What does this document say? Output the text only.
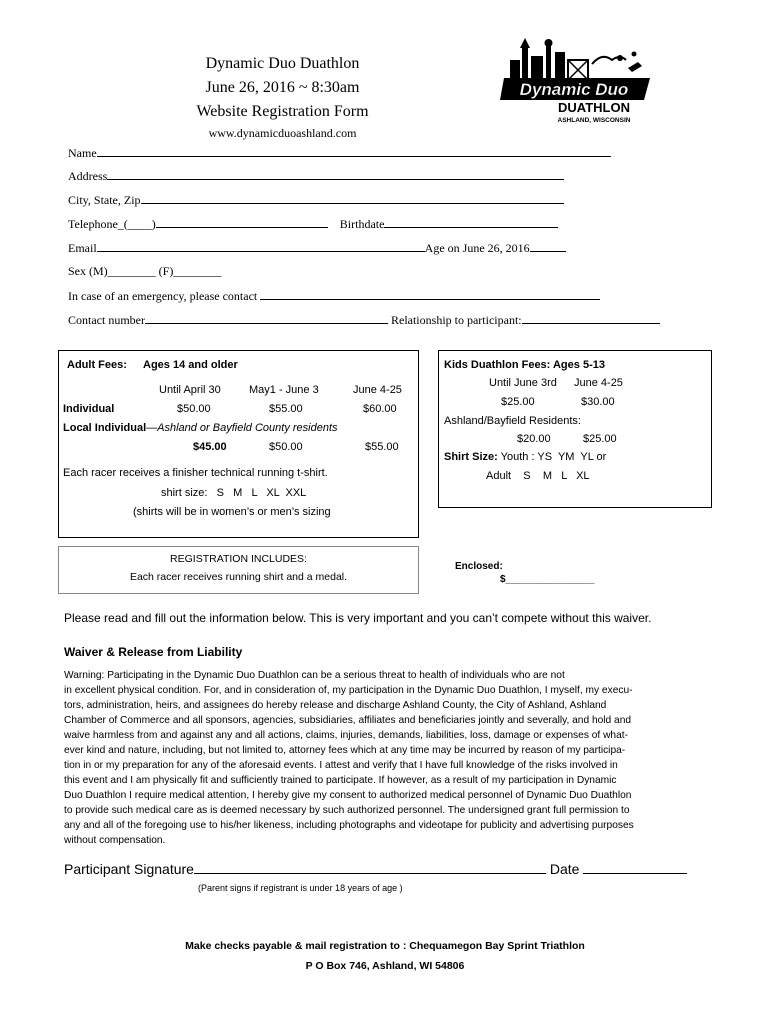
Dynamic Duo Duathlon
June 26, 2016 ~ 8:30am
Website Registration Form
www.dynamicduoashland.com
Dynamic Duo
DUATHLON
ASHLAND, WISCONSIN
Name
Address
City, State, Zip
Telephone_(____)	Birthdate
Email	Age on June 26, 2016
Sex (M)________ (F)________
In case of an emergency, please contact
Contact number	Relationship to participant:
Adult Fees: Ages 14 and older
Until April 30	May1 - June 3	June 4-25
Individual	$50.00	$55.00	$60.00
Local Individual—Ashland or Bayfield County residents
$45.00	$50.00	$55.00
Each racer receives a finisher technical running t-shirt.
shirt size:   S   M   L   XL  XXL
(shirts will be in women’s or men’s sizing
Kids Duathlon Fees: Ages 5-13
Until June 3rd June 4-25
$25.00	$30.00
Ashland/Bayfield Residents:
$20.00	$25.00
Shirt Size: Youth : YS  YM  YL or
Adult    S    M   L   XL
REGISTRATION INCLUDES:
Each racer receives running shirt and a medal.
Enclosed:
$________________
Please read and fill out the information below. This is very important and you can’t compete without this waiver.
Waiver & Release from Liability

Warning: Participating in the Dynamic Duo Duathlon can be a serious threat to health of individuals who are not

in excellent physical condition. For, and in consideration of, my participation in the Dynamic Duo Duathlon, I myself, my execu-

tors, administration, heirs, and assignees do hereby release and discharge Ashland County, the City of Ashland, Ashland

Chamber of Commerce and all sponsors, agencies, subsidiaries, affiliates and beneficiaries jointly and severally, and hold and

waive harmless from and against any and all actions, claims, injuries, demands, liabilities, loss, damage or expenses of what-

ever kind and nature, including, but not limited to, attorney fees which at any time may be incurred by reason of my participa-

tion in or my preparation for any of the aforesaid events. I attest and verify that I have full knowledge of the risks involved in

this event and I am physically fit and sufficiently trained to participate. If however, as a result of my participation in Dynamic

Duo Duathlon I require medical attention, I hereby give my consent to authorized medical personnel of Dynamic Duo Duathlon

to provide such medical care as is deemed necessary by such authorized personnel. The undersigned grant full permission to

any and all of the foregoing use to his/her likeness, including photographs and videotape for publicity and advertising purposes

without compensation.

Participant Signature	Date
(Parent signs if registrant is under 18 years of age )
Make checks payable & mail registration to : Chequamegon Bay Sprint Triathlon
P O Box 746, Ashland, WI 54806
